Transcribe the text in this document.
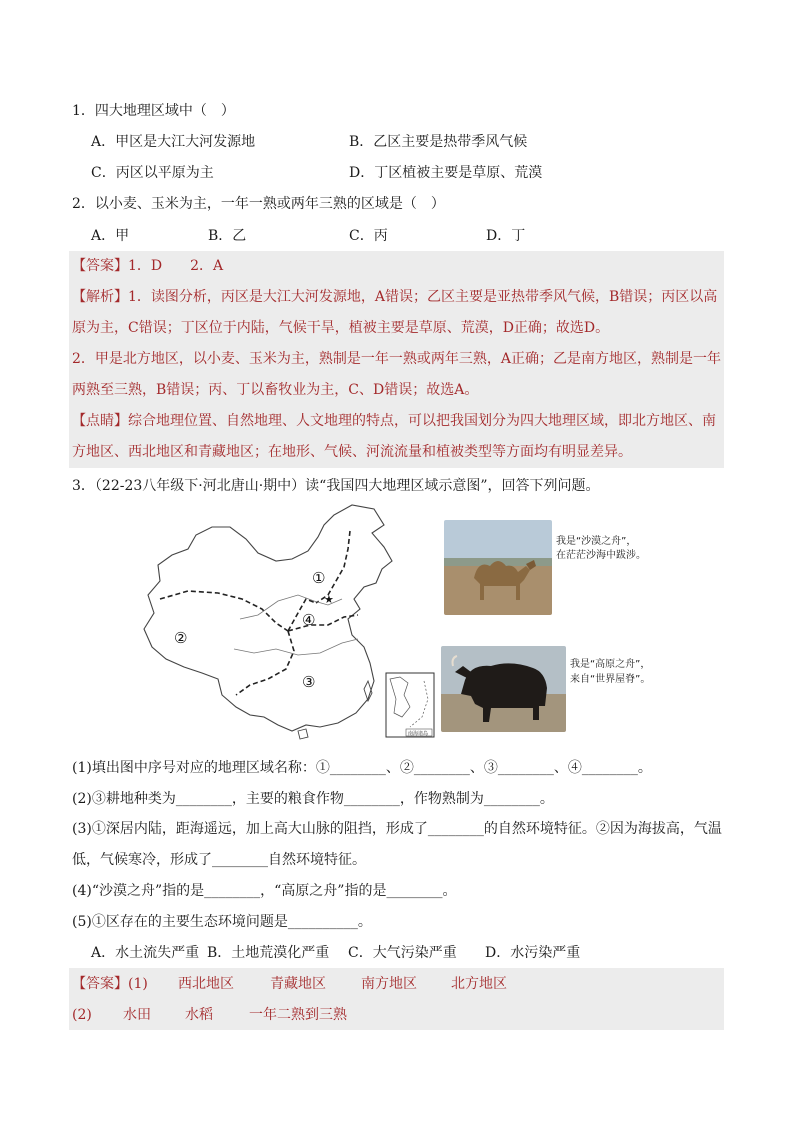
1．四大地理区域中（　）
A．甲区是大江大河发源地	B．乙区主要是热带季风气候
C．丙区以平原为主	D．丁区植被主要是草原、荒漠
2．以小麦、玉米为主，一年一熟或两年三熟的区域是（　）
A．甲	B．乙	C．丙	D．丁
【答案】1．D　　2．A
【解析】1．读图分析，丙区是大江大河发源地，A错误；乙区主要是亚热带季风气候，B错误；丙区以高
原为主，C错误；丁区位于内陆，气候干旱，植被主要是草原、荒漠，D正确；故选D。
2．甲是北方地区，以小麦、玉米为主，熟制是一年一熟或两年三熟，A正确；乙是南方地区，熟制是一年
两熟至三熟，B错误；丙、丁以畜牧业为主，C、D错误；故选A。
【点睛】综合地理位置、自然地理、人文地理的特点，可以把我国划分为四大地理区域，即北方地区、南
方地区、西北地区和青藏地区；在地形、气候、河流流量和植被类型等方面均有明显差异。
3．（22-23八年级下·河北唐山·期中）读“我国四大地理区域示意图”，回答下列问题。
★
①
②
③
④
南海诸岛
我是“沙漠之舟”，
在茫茫沙海中跋涉。
我是“高原之舟”，
来自“世界屋脊”。
(1)填出图中序号对应的地理区域名称：①________、②________、③________、④________。
(2)③耕地种类为________，主要的粮食作物________，作物熟制为________。
(3)①深居内陆，距海遥远，加上高大山脉的阻挡，形成了________的自然环境特征。②因为海拔高，气温
低，气候寒冷，形成了________自然环境特征。
(4)“沙漠之舟”指的是________，“高原之舟”指的是________。
(5)①区存在的主要生态环境问题是__________。
A．水土流失严重 B．土地荒漠化严重 C．大气污染严重 D．水污染严重
【答案】(1) 西北地区	青藏地区	南方地区 北方地区
(2) 水田 水稻	一年二熟到三熟
